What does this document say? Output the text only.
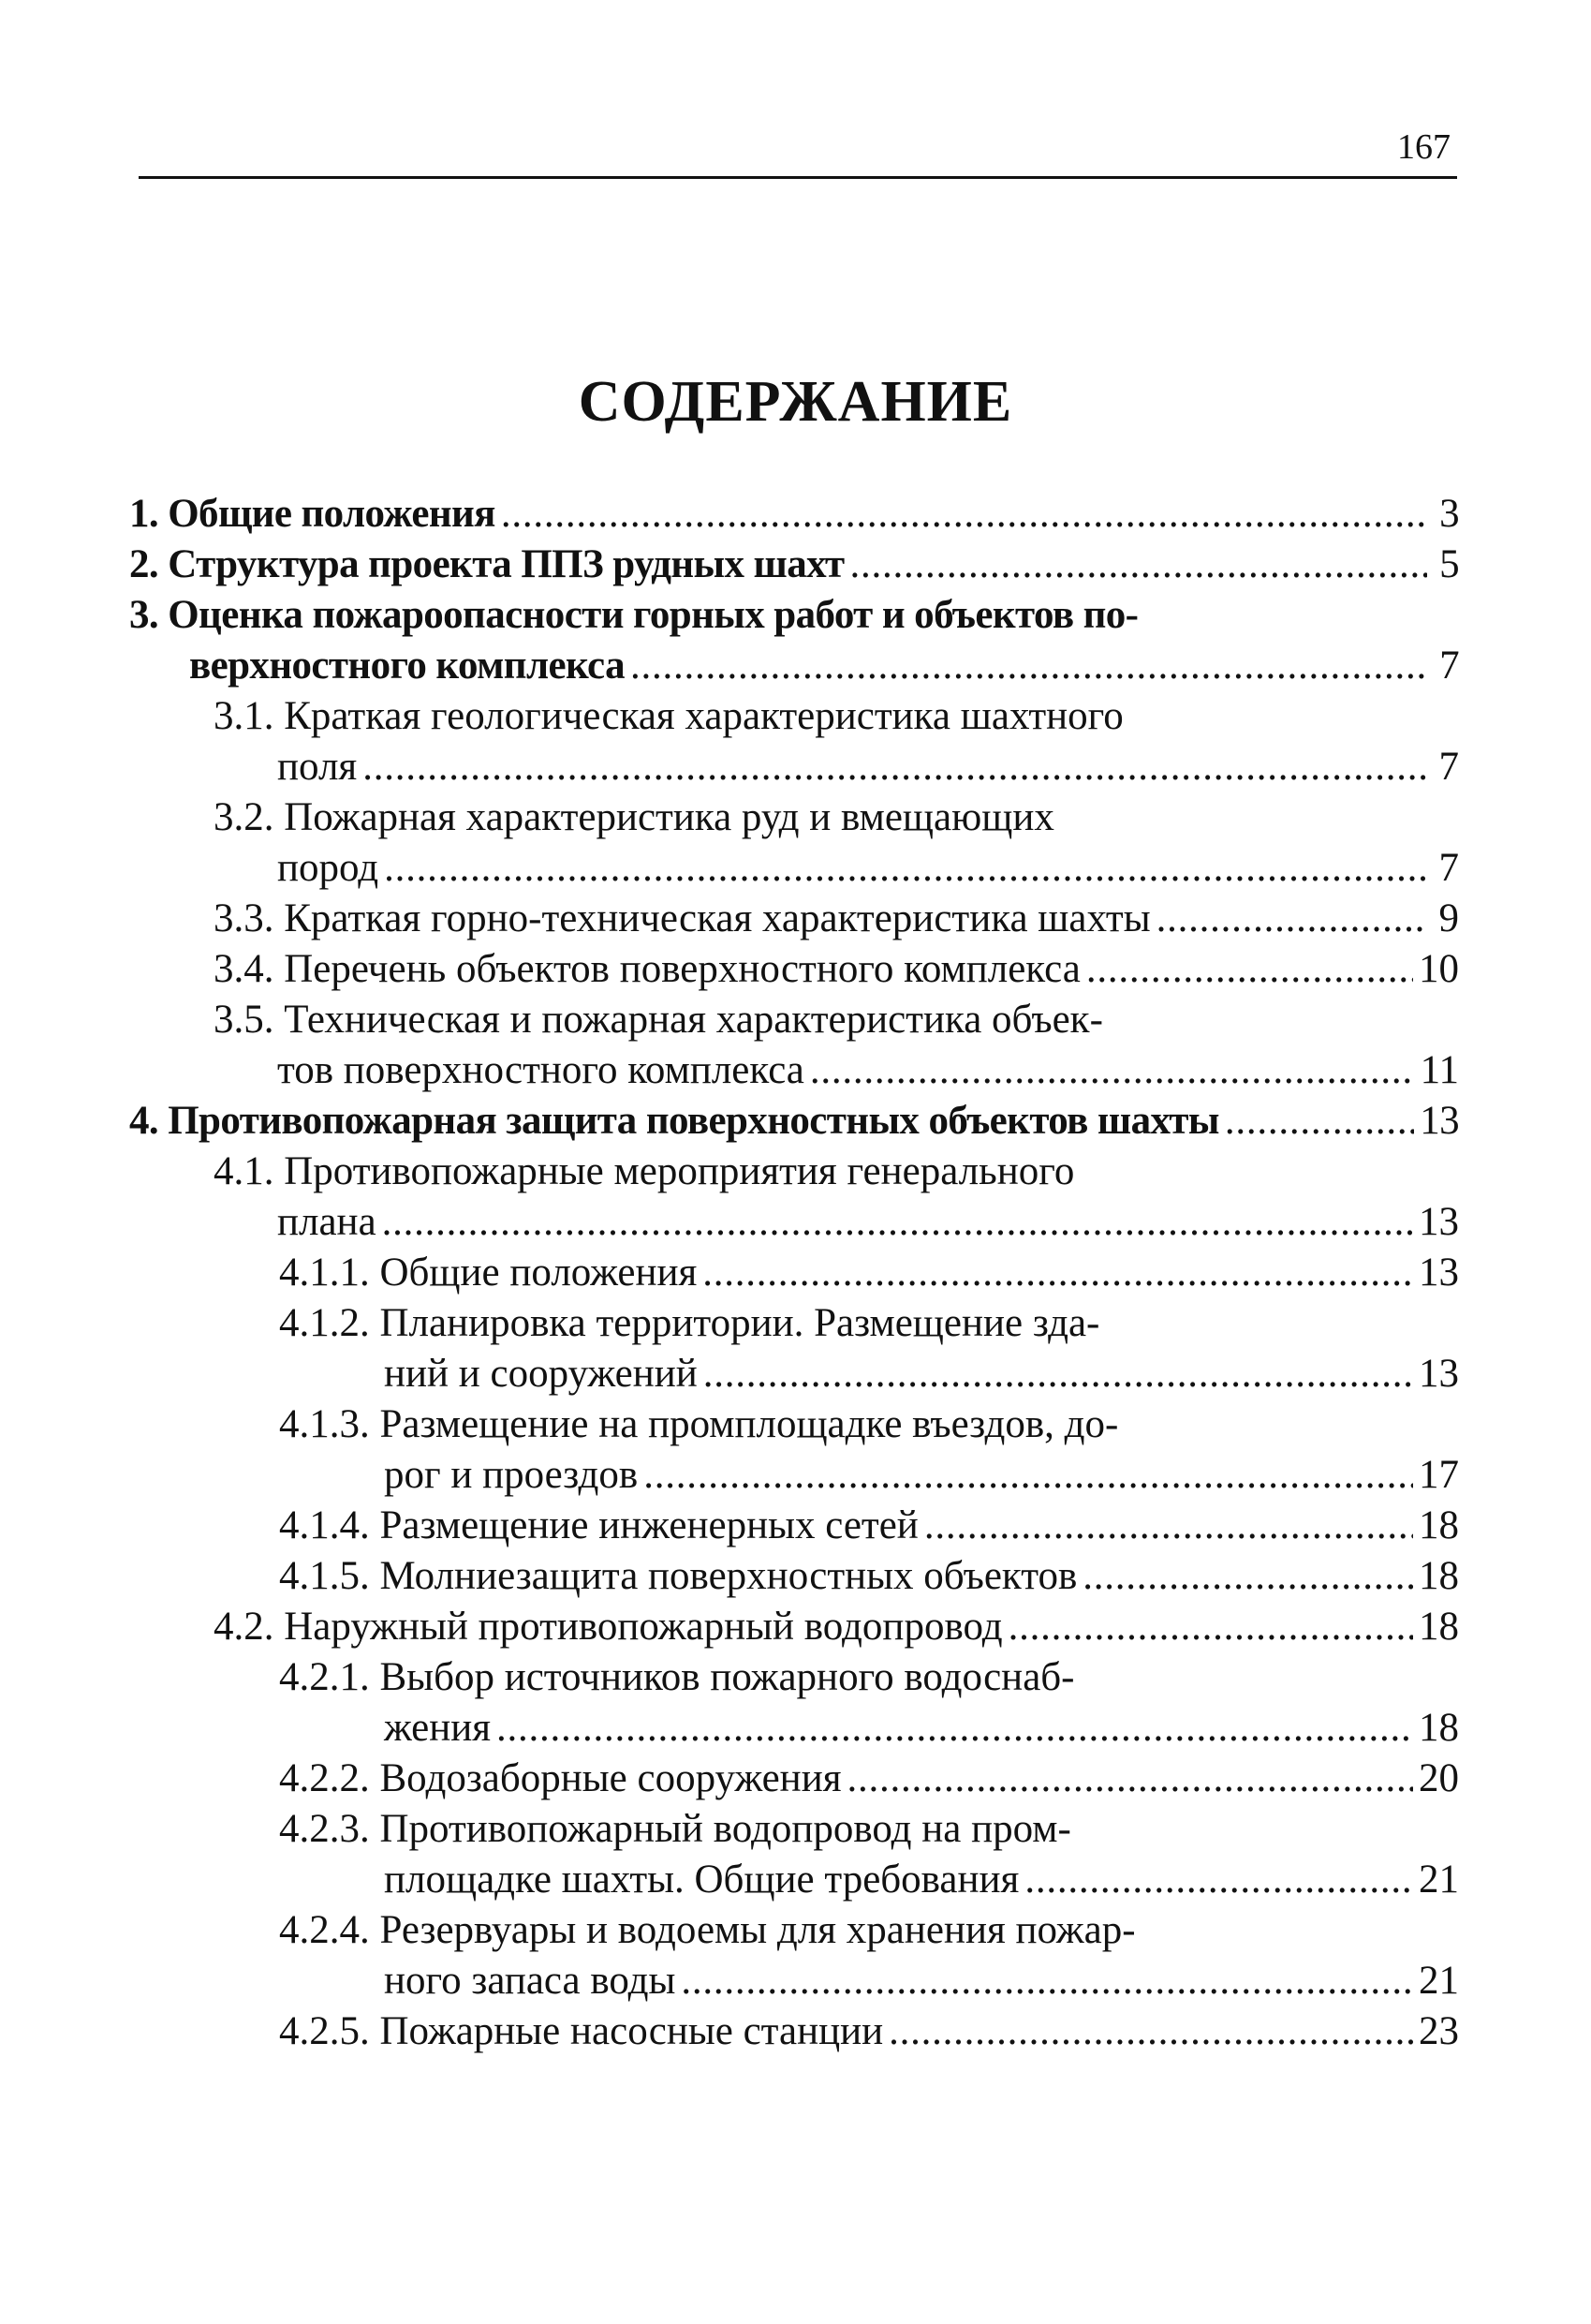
167
СОДЕРЖАНИЕ
1. Общие положения . . .	3
2. Структура проекта ППЗ рудных шахт . . .	5
3. Оценка пожароопасности горных работ и объектов по-
верхностного комплекса . . .	7
3.1. Краткая геологическая характеристика шахтного
поля . . .	7
3.2. Пожарная характеристика руд и вмещающих
пород . . .	7
3.3. Краткая горно-техническая характеристика шахты . . .	9
3.4. Перечень объектов поверхностного комплекса . . .	10
3.5. Техническая и пожарная характеристика объек-
тов поверхностного комплекса . . .	11
4. Противопожарная защита поверхностных объектов шахты . . .	13
4.1. Противопожарные мероприятия генерального
плана . . .	13
4.1.1. Общие положения . . .	13
4.1.2. Планировка территории. Размещение зда-
ний и сооружений . . .	13
4.1.3. Размещение на промплощадке въездов, до-
рог и проездов . . .	17
4.1.4. Размещение инженерных сетей . . .	18
4.1.5. Молниезащита поверхностных объектов . . .	18
4.2. Наружный противопожарный водопровод . . .	18
4.2.1. Выбор источников пожарного водоснаб-
жения . . .	18
4.2.2. Водозаборные сооружения . . .	20
4.2.3. Противопожарный водопровод на пром-
площадке шахты. Общие требования . . .	21
4.2.4. Резервуары и водоемы для хранения пожар-
ного запаса воды . . .	21
4.2.5. Пожарные насосные станции . . .	23
